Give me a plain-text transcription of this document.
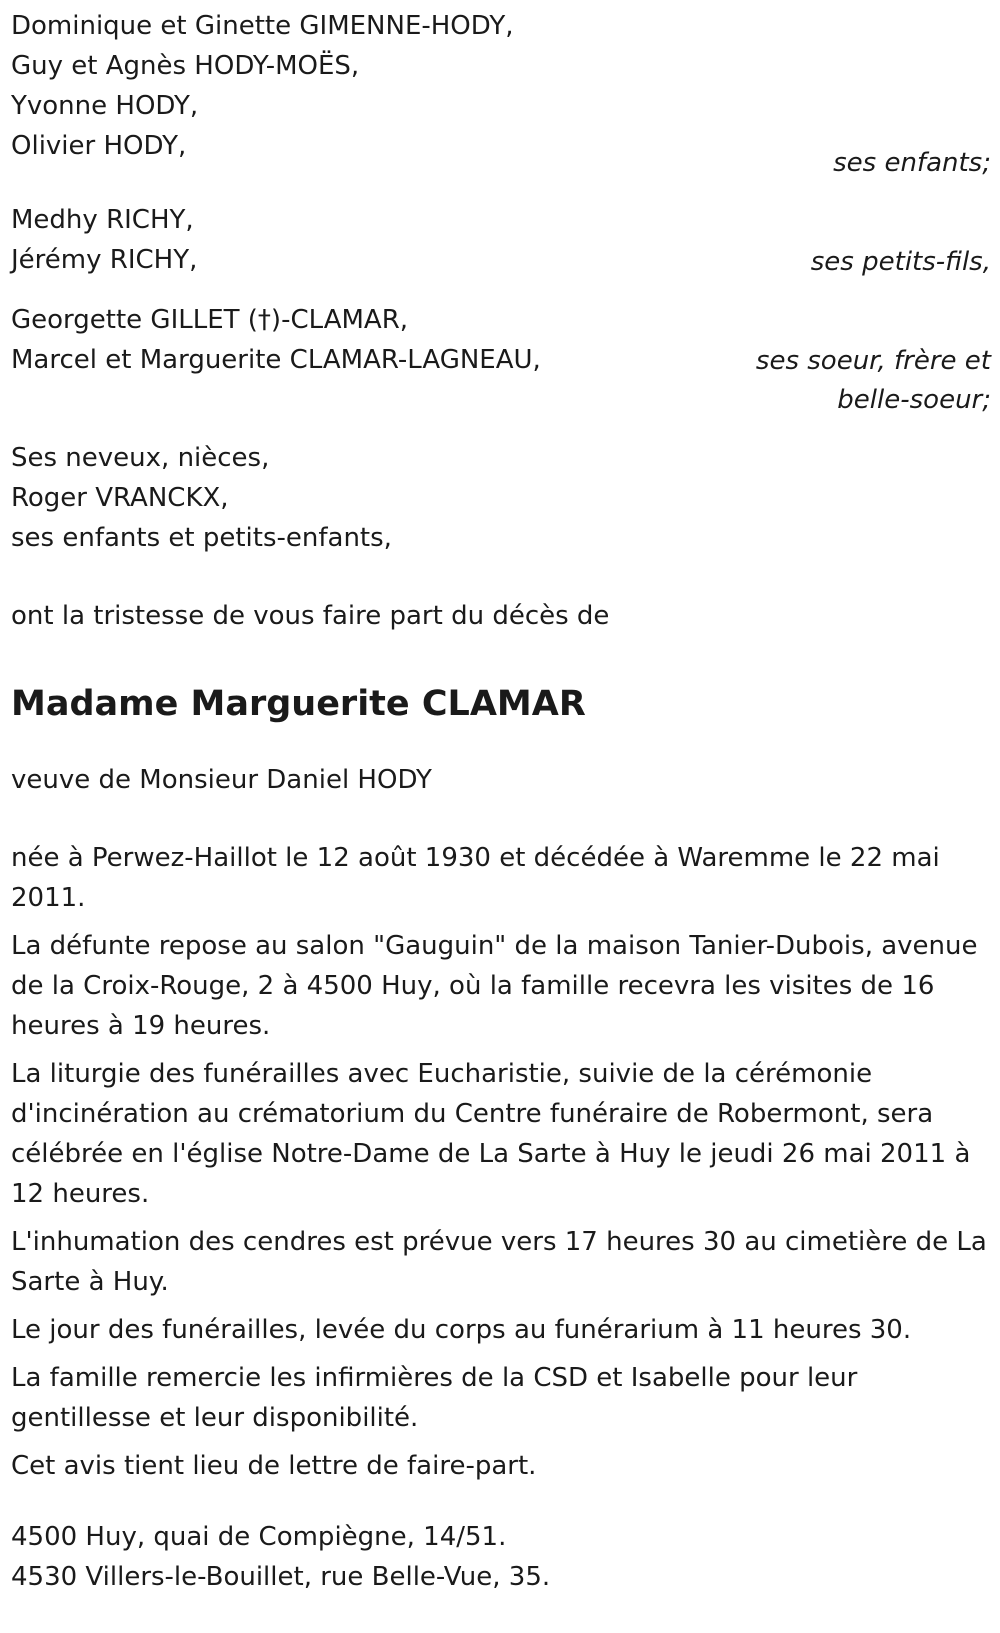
Dominique et Ginette GIMENNE-HODY,
Guy et Agnès HODY-MOËS,
Yvonne HODY,
Olivier HODY,
ses enfants;
Medhy RICHY,
Jérémy RICHY,	ses petits-fils,
Georgette GILLET (†)-CLAMAR,
Marcel et Marguerite CLAMAR-LAGNEAU,	ses soeur, frère et
belle-soeur;
Ses neveux, nièces,
Roger VRANCKX,
ses enfants et petits-enfants,
ont la tristesse de vous faire part du décès de
Madame Marguerite CLAMAR
veuve de Monsieur Daniel HODY

née à Perwez-Haillot le 12 août 1930 et décédée à Waremme le 22 mai 2011.

La défunte repose au salon "Gauguin" de la maison Tanier-Dubois, avenue de la Croix-Rouge, 2 à 4500 Huy, où la famille recevra les visites de 16 heures à 19 heures.

La liturgie des funérailles avec Eucharistie, suivie de la cérémonie d'incinération au crématorium du Centre funéraire de Robermont, sera célébrée en l'église Notre-Dame de La Sarte à Huy le jeudi 26 mai 2011 à 12 heures.

L'inhumation des cendres est prévue vers 17 heures 30 au cimetière de La Sarte à Huy.

Le jour des funérailles, levée du corps au funérarium à 11 heures 30.

La famille remercie les infirmières de la CSD et Isabelle pour leur gentillesse et leur disponibilité.

Cet avis tient lieu de lettre de faire-part.

4500 Huy, quai de Compiègne, 14/51.
4530 Villers-le-Bouillet, rue Belle-Vue, 35.
